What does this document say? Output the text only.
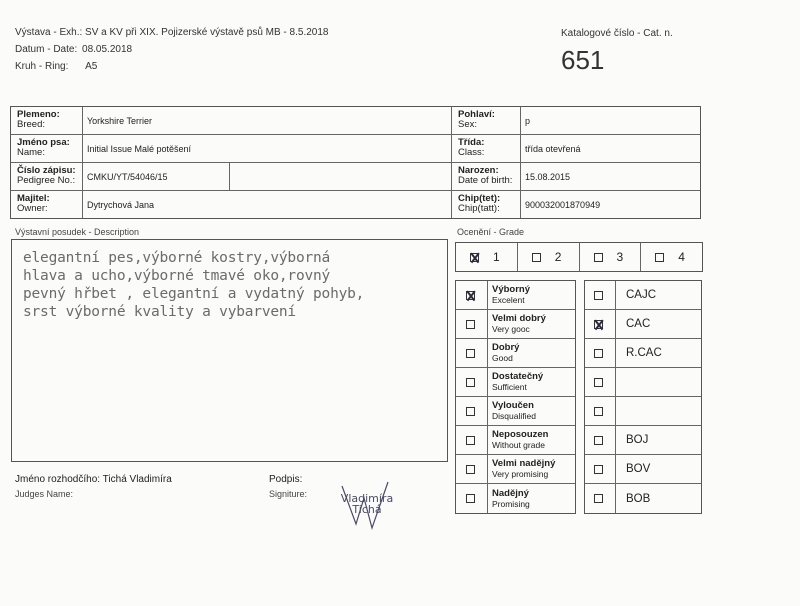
Výstava - Exh.: SV a KV při XIX. Pojizerské výstavě psů MB - 8.5.2018
Datum - Date: 08.05.2018
Kruh - Ring: A5
Katalogové číslo - Cat. n.
651
Plemeno:
Breed:	Yorkshire Terrier
Pohlaví:
Sex:	p
Jméno psa:
Name:	Initial Issue Malé potěšení
Třída:
Class:	třída otevřená
Číslo zápisu:
Pedigree No.:	CMKU/YT/54046/15
Narozen:
Date of birth:	15.08.2015
Majitel:
Owner:	Dytrychová Jana
Chip(tet):
Chip(tatt):	900032001870949
Výstavní posudek - Description
elegantní pes,výborné kostry,výborná
hlava a ucho,výborné tmavé oko,rovný
pevný hřbet , elegantní a vydatný pohyb,
srst výborné kvality a vybarvení
Ocenění - Grade
1	2	3	4
Výborný
Excelent
Velmi dobrý
Very gooc
Dobrý
Good
Dostatečný
Sufficient
Vyloučen
Disqualified
Neposouzen
Without grade
Velmi nadějný
Very promising
Nadějný
Promising
CAJC
CAC
R.CAC
BOJ
BOV
BOB
Jméno rozhodčího: Tichá Vladimíra
Judges Name:
Podpis:
Signiture:	Vladimíra
Tichá
